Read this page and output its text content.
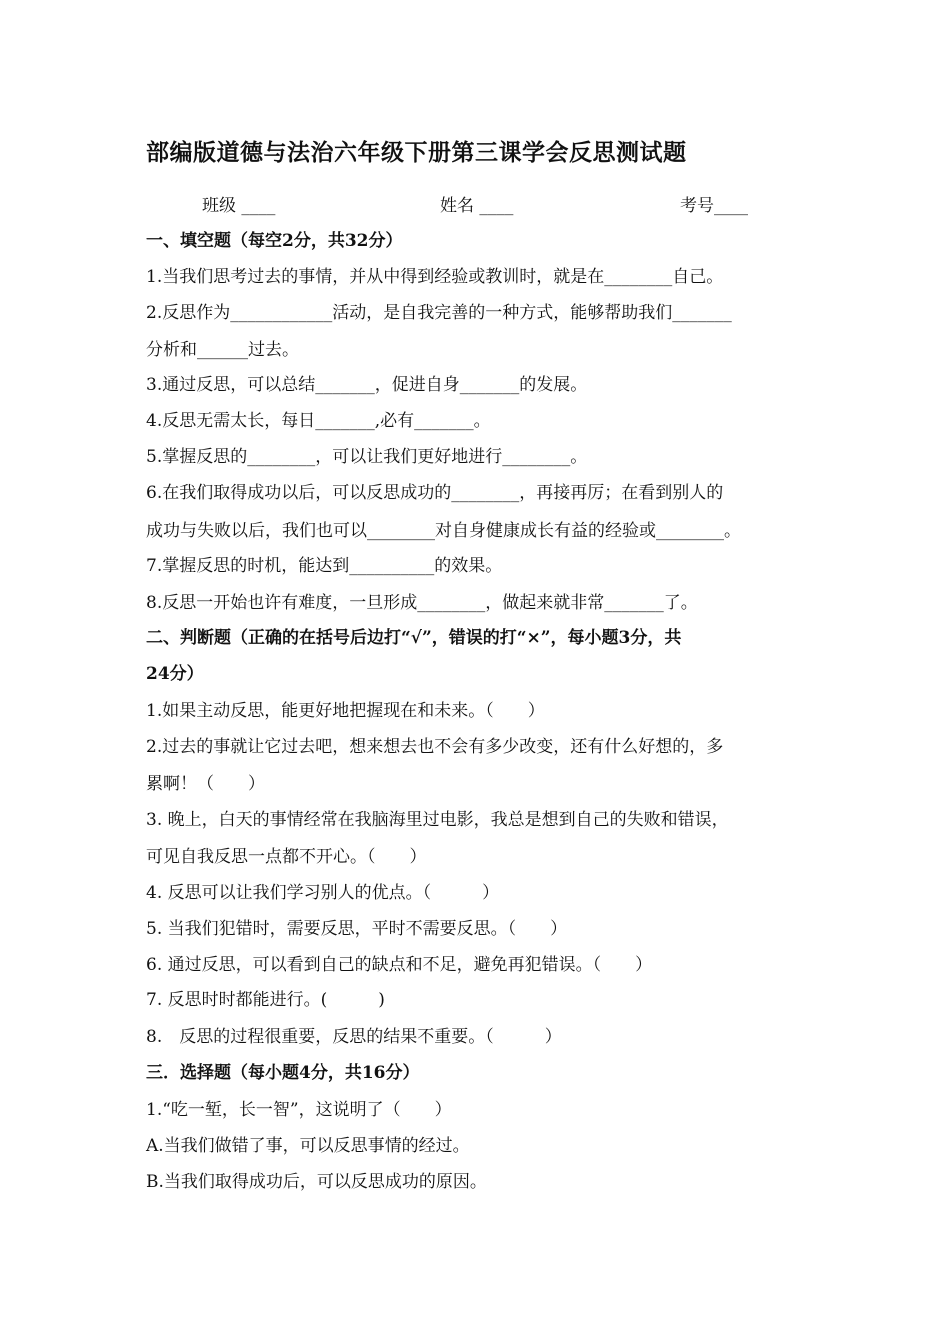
部编版道德与法治六年级下册第三课学会反思测试题
班级 ____	姓名 ____	考号____
一、填空题（每空2分，共32分）
1.当我们思考过去的事情，并从中得到经验或教训时，就是在________自己。
2.反思作为____________活动，是自我完善的一种方式，能够帮助我们_______
分析和______过去。
3.通过反思，可以总结_______，促进自身_______的发展。
4.反思无需太长，每日_______,必有_______。
5.掌握反思的________，可以让我们更好地进行________。
6.在我们取得成功以后，可以反思成功的________，再接再厉；在看到别人的
成功与失败以后，我们也可以________对自身健康成长有益的经验或________。
7.掌握反思的时机，能达到__________的效果。
8.反思一开始也许有难度，一旦形成________，做起来就非常_______了。
二、判断题（正确的在括号后边打“√”，错误的打“×”，每小题3分，共
24分）
1.如果主动反思，能更好地把握现在和未来。（　　）
2.过去的事就让它过去吧，想来想去也不会有多少改变，还有什么好想的，多
累啊！（　　）
3. 晚上，白天的事情经常在我脑海里过电影，我总是想到自己的失败和错误，
可见自我反思一点都不开心。（　　）
4. 反思可以让我们学习别人的优点。（　　　）
5. 当我们犯错时，需要反思，平时不需要反思。（　　）
6. 通过反思，可以看到自己的缺点和不足，避免再犯错误。（　　）
7. 反思时时都能进行。(　　　)
8.　反思的过程很重要，反思的结果不重要。（　　　）
三．选择题（每小题4分，共16分）
1.“吃一堑，长一智”，这说明了（　　）
A.当我们做错了事，可以反思事情的经过。
B.当我们取得成功后，可以反思成功的原因。
